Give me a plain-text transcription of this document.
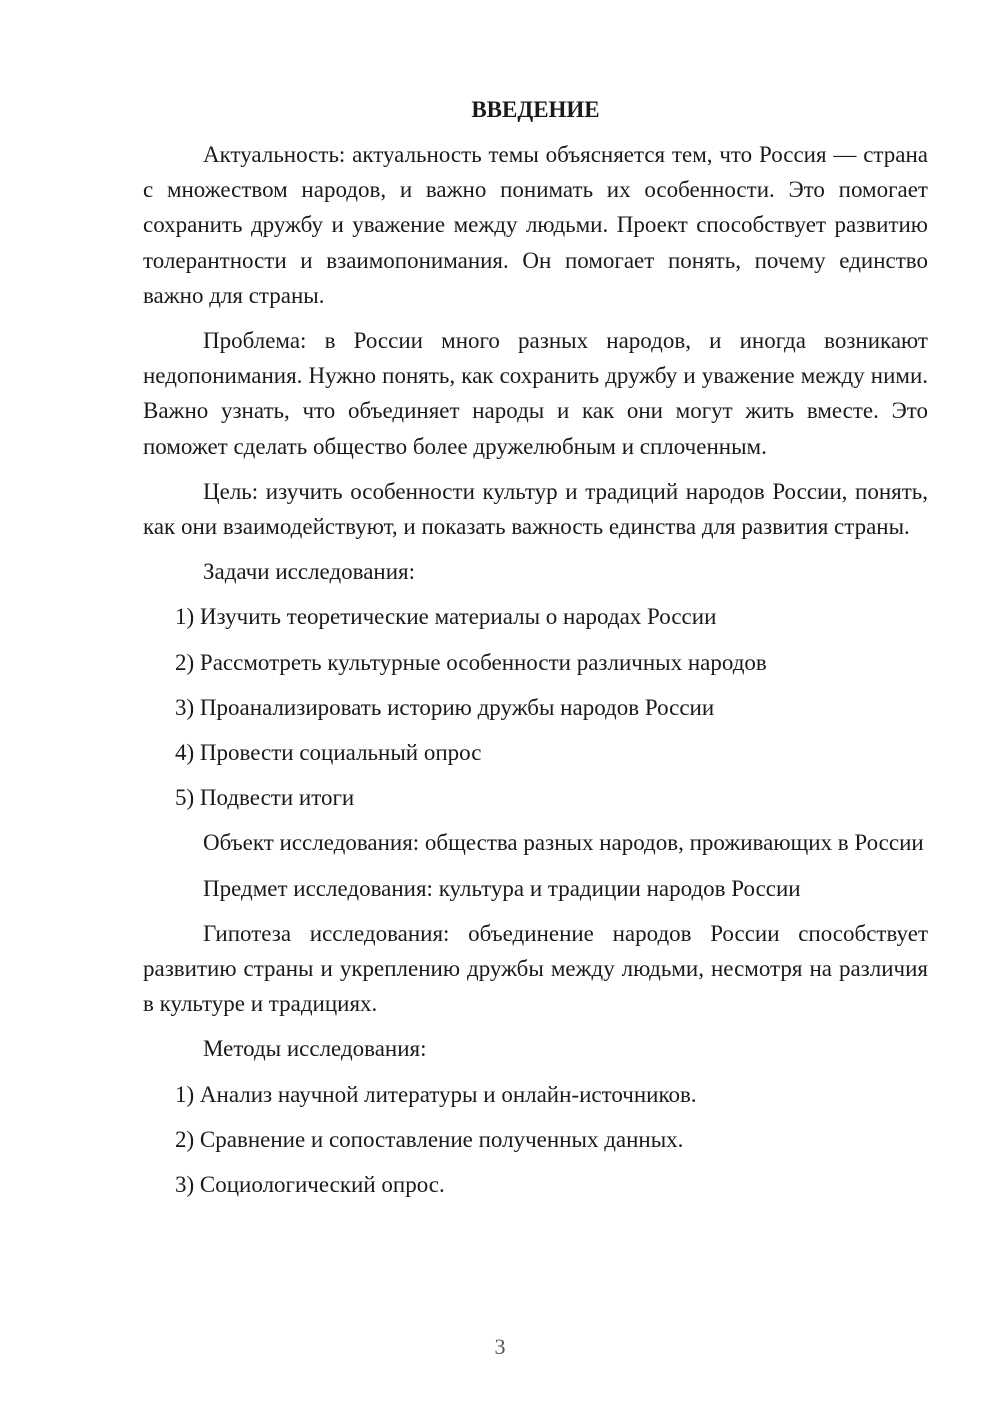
ВВЕДЕНИЕ

Актуальность: актуальность темы объясняется тем, что Россия — страна с множеством народов, и важно понимать их особенности. Это помогает сохранить дружбу и уважение между людьми. Проект способствует развитию толерантности и взаимопонимания. Он помогает понять, почему единство важно для страны.

Проблема: в России много разных народов, и иногда возникают недопонимания. Нужно понять, как сохранить дружбу и уважение между ними. Важно узнать, что объединяет народы и как они могут жить вместе. Это поможет сделать общество более дружелюбным и сплоченным.

Цель: изучить особенности культур и традиций народов России, понять, как они взаимодействуют, и показать важность единства для развития страны.

Задачи исследования:

1) Изучить теоретические материалы о народах России
2) Рассмотреть культурные особенности различных народов
3) Проанализировать историю дружбы народов России
4) Провести социальный опрос
5) Подвести итоги

Объект исследования: общества разных народов, проживающих в России

Предмет исследования: культура и традиции народов России

Гипотеза исследования: объединение народов России способствует развитию страны и укреплению дружбы между людьми, несмотря на различия в культуре и традициях.

Методы исследования:

1) Анализ научной литературы и онлайн-источников.
2) Сравнение и сопоставление полученных данных.
3) Социологический опрос.
3
